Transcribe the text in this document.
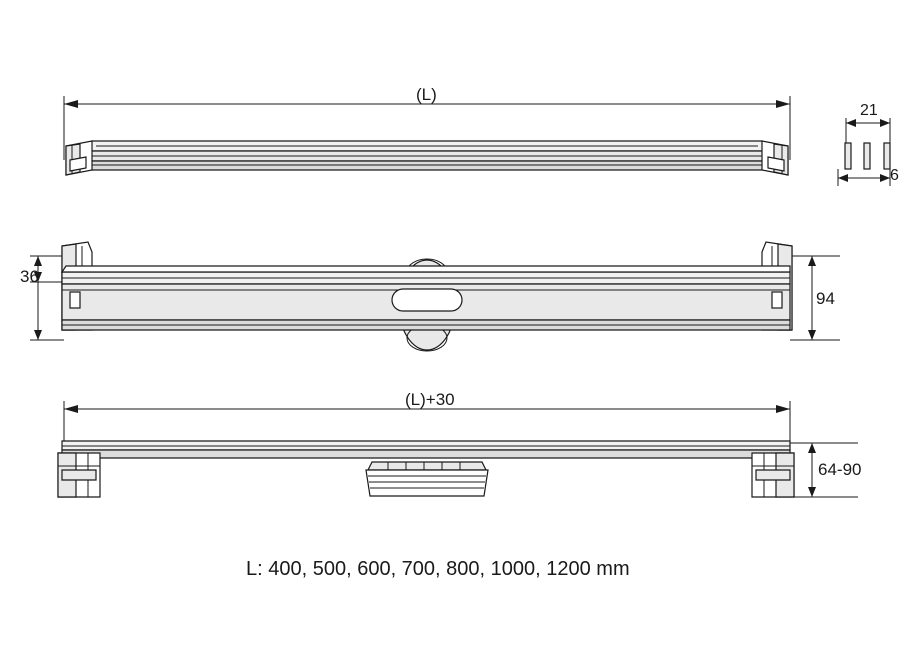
(L)
36
94
(L)+30
64-90
21
6
L: 400, 500, 600, 700, 800, 1000, 1200 mm
